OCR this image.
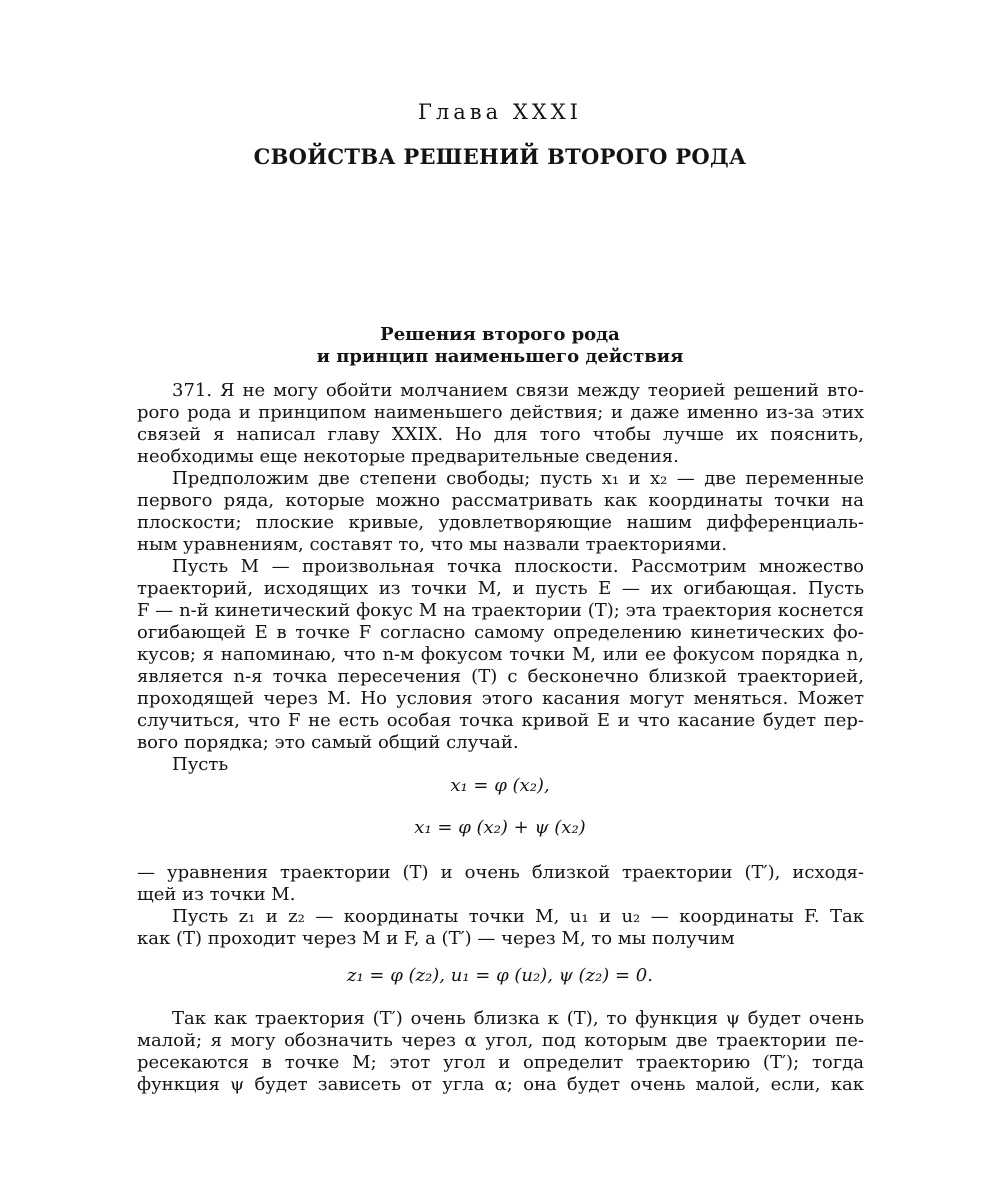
Глава XXXI
СВОЙСТВА РЕШЕНИЙ ВТОРОГО РОДА
Решения второго рода
и принцип наименьшего действия
371. Я не могу обойти молчанием связи между теорией решений вто-
рого рода и принципом наименьшего действия; и даже именно из-за этих
связей я написал главу XXIX. Но для того чтобы лучше их пояснить,
необходимы еще некоторые предварительные сведения.
Предположим две степени свободы; пусть x₁ и x₂ — две переменные
первого ряда, которые можно рассматривать как координаты точки на
плоскости; плоские кривые, удовлетворяющие нашим дифференциаль-
ным уравнениям, составят то, что мы назвали траекториями.
Пусть M — произвольная точка плоскости. Рассмотрим множество
траекторий, исходящих из точки M, и пусть E — их огибающая. Пусть
F — n-й кинетический фокус M на траектории (T); эта траектория коснется
огибающей E в точке F согласно самому определению кинетических фо-
кусов; я напоминаю, что n-м фокусом точки M, или ее фокусом порядка n,
является n-я точка пересечения (T) с бесконечно близкой траекторией,
проходящей через M. Но условия этого касания могут меняться. Может
случиться, что F не есть особая точка кривой E и что касание будет пер-
вого порядка; это самый общий случай.
Пусть
x₁ = φ (x₂),
x₁ = φ (x₂) + ψ (x₂)
— уравнения траектории (T) и очень близкой траектории (T′), исходя-
щей из точки M.
Пусть z₁ и z₂ — координаты точки M, u₁ и u₂ — координаты F. Так
как (T) проходит через M и F, а (T′) — через M, то мы получим
z₁ = φ (z₂), u₁ = φ (u₂), ψ (z₂) = 0.
Так как траектория (T′) очень близка к (T), то функция ψ будет очень
малой; я могу обозначить через α угол, под которым две траектории пе-
ресекаются в точке M; этот угол и определит траекторию (T′); тогда
функция ψ будет зависеть от угла α; она будет очень малой, если, как
